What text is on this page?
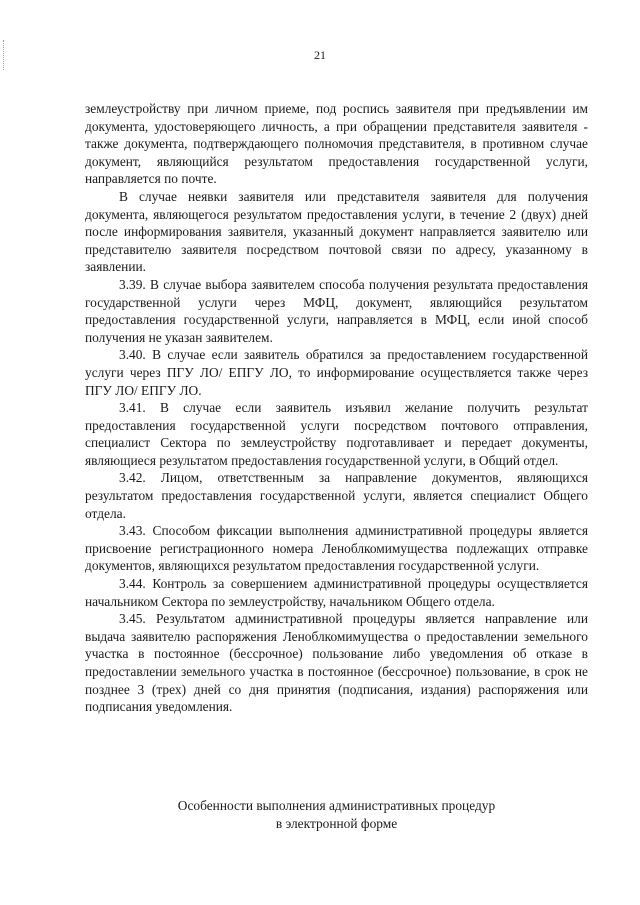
21

землеустройству при личном приеме, под роспись заявителя при предъявлении им документа, удостоверяющего личность, а при обращении представителя заявителя - также документа, подтверждающего полномочия представителя, в противном случае документ, являющийся результатом предоставления государственной услуги, направляется по почте.

В случае неявки заявителя или представителя заявителя для получения документа, являющегося результатом предоставления услуги, в течение 2 (двух) дней после информирования заявителя, указанный документ направляется заявителю или представителю заявителя посредством почтовой связи по адресу, указанному в заявлении.

3.39. В случае выбора заявителем способа получения результата предоставления государственной услуги через МФЦ, документ, являющийся результатом предоставления государственной услуги, направляется в МФЦ, если иной способ получения не указан заявителем.

3.40. В случае если заявитель обратился за предоставлением государственной услуги через ПГУ ЛО/ ЕПГУ ЛО, то информирование осуществляется также через ПГУ ЛО/ ЕПГУ ЛО.

3.41. В случае если заявитель изъявил желание получить результат предоставления государственной услуги посредством почтового отправления, специалист Сектора по землеустройству подготавливает и передает документы, являющиеся результатом предоставления государственной услуги, в Общий отдел.

3.42. Лицом, ответственным за направление документов, являющихся результатом предоставления государственной услуги, является специалист Общего отдела.

3.43. Способом фиксации выполнения административной процедуры является присвоение регистрационного номера Леноблкомимущества подлежащих отправке документов, являющихся результатом предоставления государственной услуги.

3.44. Контроль за совершением административной процедуры осуществляется начальником Сектора по землеустройству, начальником Общего отдела.

3.45. Результатом административной процедуры является направление или выдача заявителю распоряжения Леноблкомимущества о предоставлении земельного участка в постоянное (бессрочное) пользование либо уведомления об отказе в предоставлении земельного участка в постоянное (бессрочное) пользование, в срок не позднее 3 (трех) дней со дня принятия (подписания, издания) распоряжения или подписания уведомления.

Особенности выполнения административных процедур
в электронной форме
